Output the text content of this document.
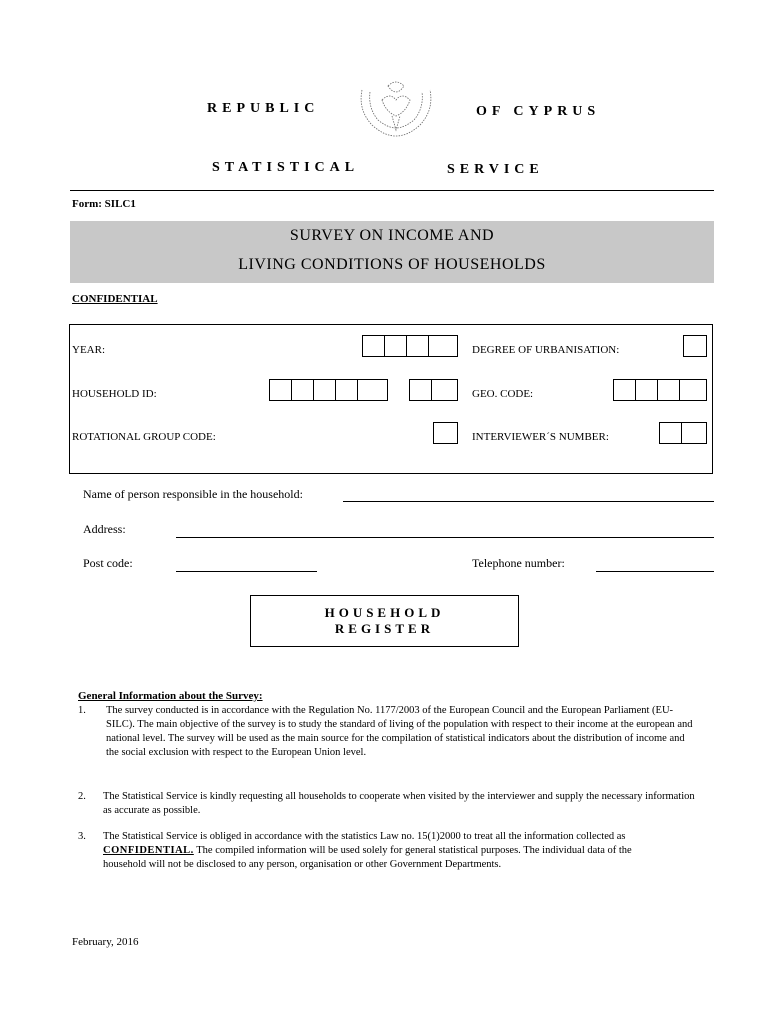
REPUBLIC	OF CYPRUS
STATISTICAL	SERVICE
Form: SILC1
SURVEY ON INCOME AND
LIVING CONDITIONS OF HOUSEHOLDS
CONFIDENTIAL
YEAR:	DEGREE OF URBANISATION:
HOUSEHOLD ID:	GEO. CODE:
ROTATIONAL GROUP CODE:	INTERVIEWER´S NUMBER:
Name of person responsible in the household:
Address:
Post code:	Telephone number:
HOUSEHOLD
REGISTER
General Information about the Survey:
1. The survey conducted is in accordance with the Regulation No. 1177/2003 of the European Council and the European Parliament (EU-SILC). The main objective of the survey is to study the standard of living of the population with respect to their income at the european and national level. The survey will be used as the main source for the compilation of statistical indicators about the distribution of income and the social exclusion with respect to the European Union level.
2. The Statistical Service is kindly requesting all households to cooperate when visited by the interviewer and supply the necessary information as accurate as possible.
3. The Statistical Service is obliged in accordance with the statistics Law no. 15(1)2000 to treat all the information collected as CONFIDENTIAL. The compiled information will be used solely for general statistical purposes. The individual data of the household will not be disclosed to any person, organisation or other Government Departments.
February, 2016
